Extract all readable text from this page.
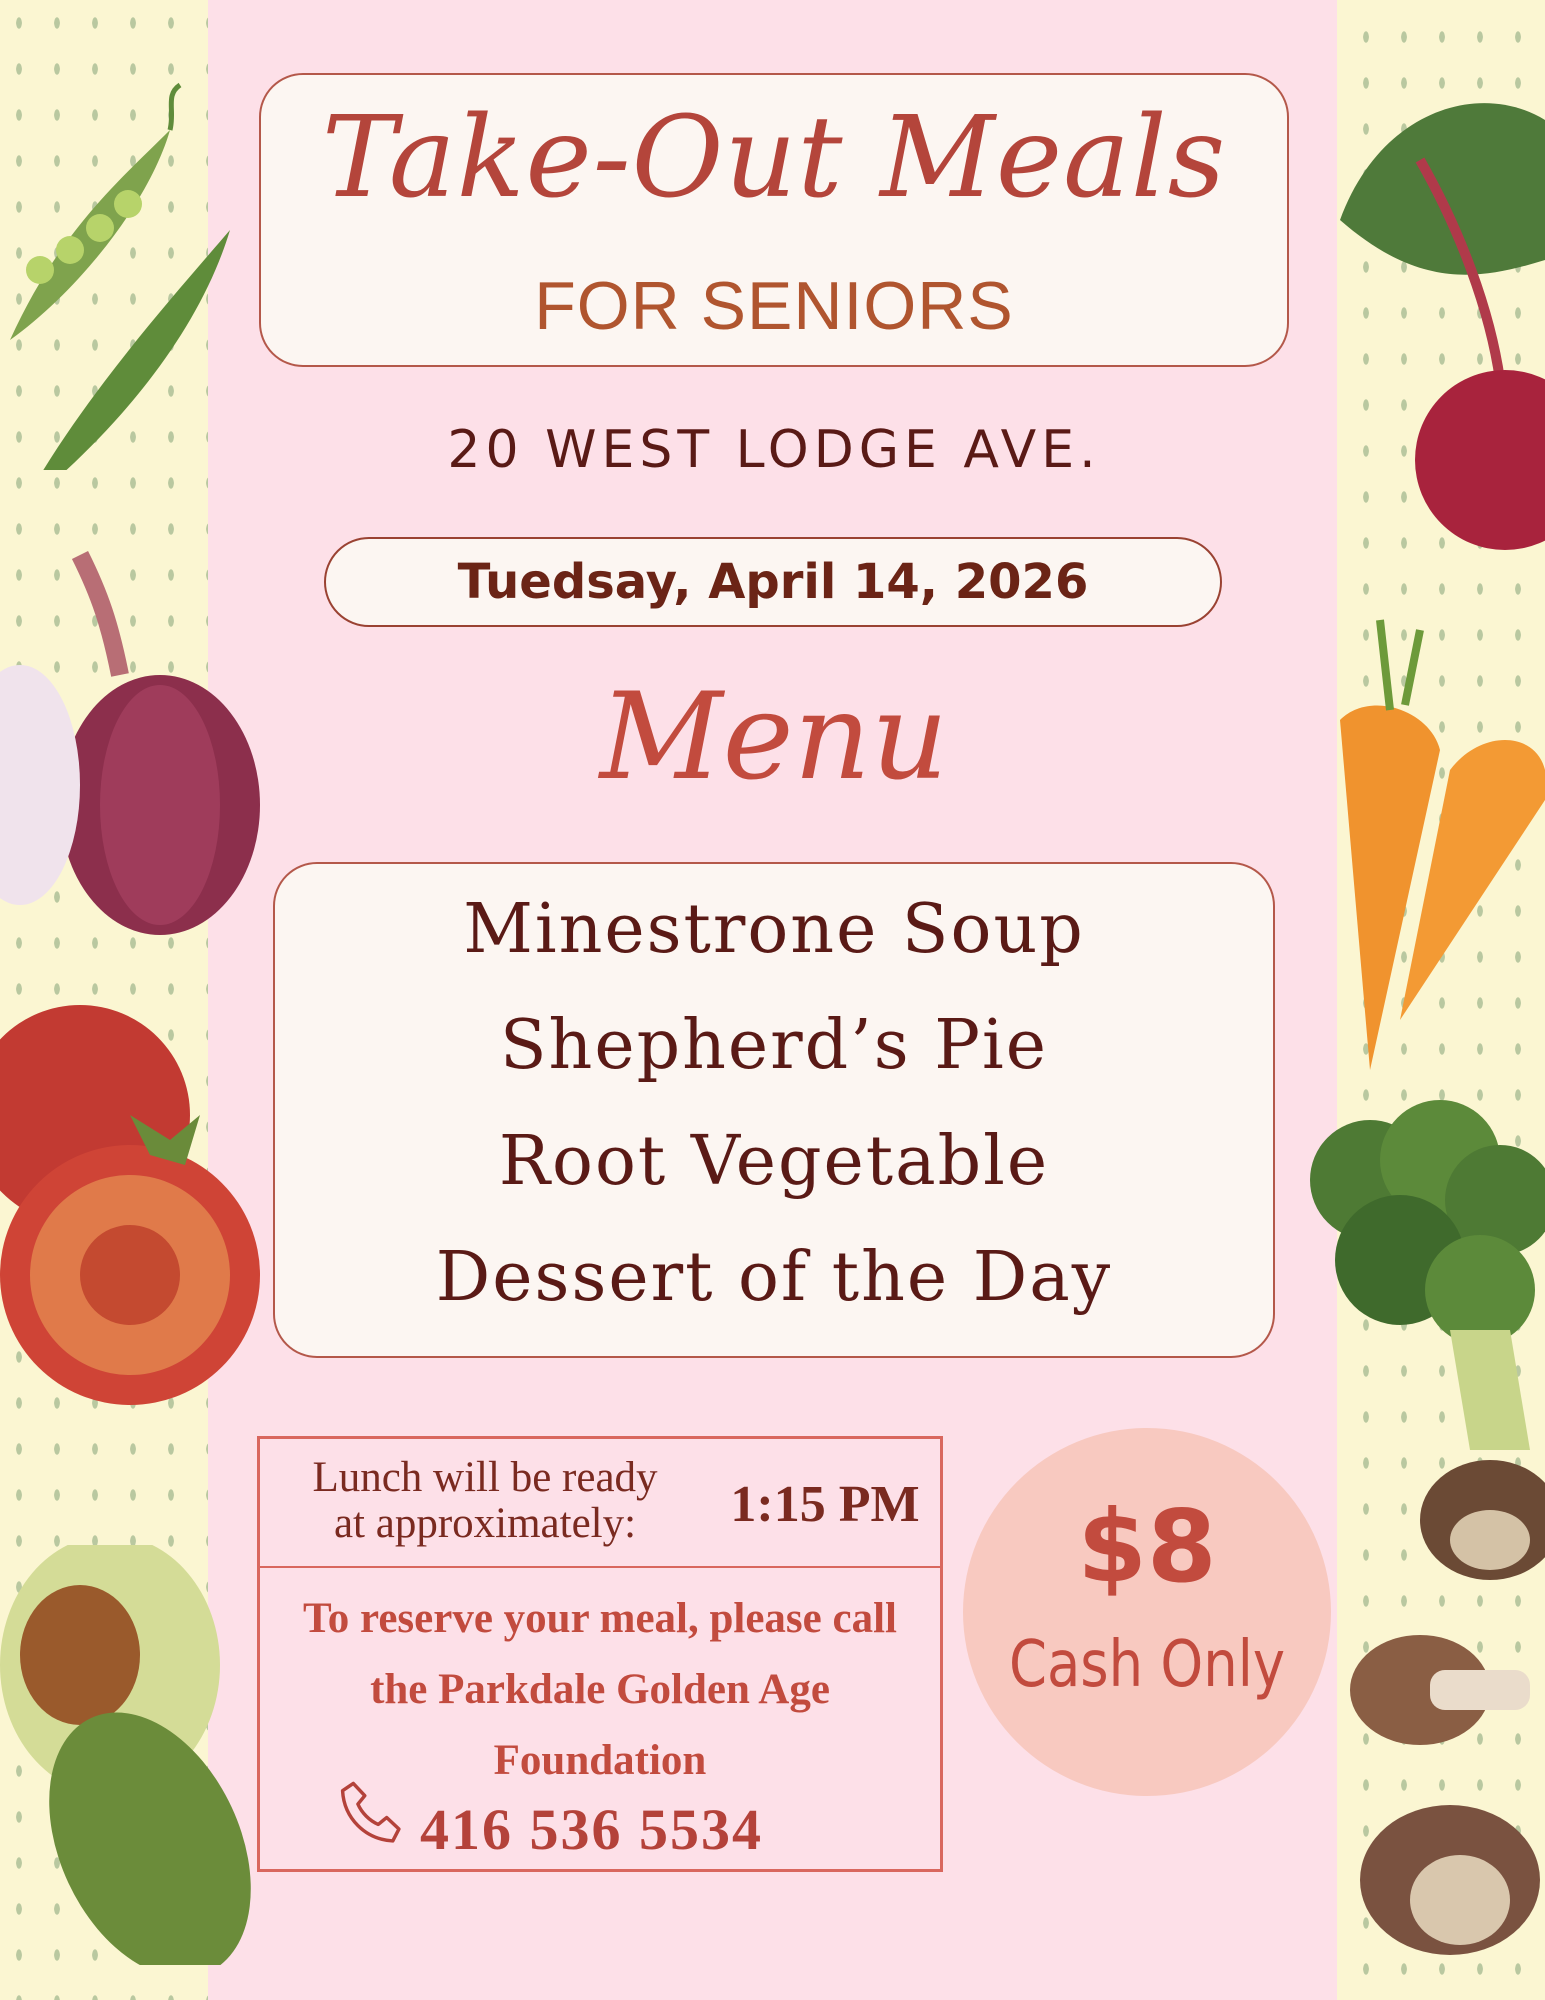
Take-Out Meals
FOR SENIORS
20 WEST LODGE AVE.
Tuedsay, April 14, 2026
Menu
Minestrone Soup
Shepherd’s Pie
Root Vegetable
Dessert of the Day
Lunch will be ready
at approximately:	1:15 PM
To reserve your meal, please call
the Parkdale Golden Age
Foundation
416 536 5534
$8
Cash Only
